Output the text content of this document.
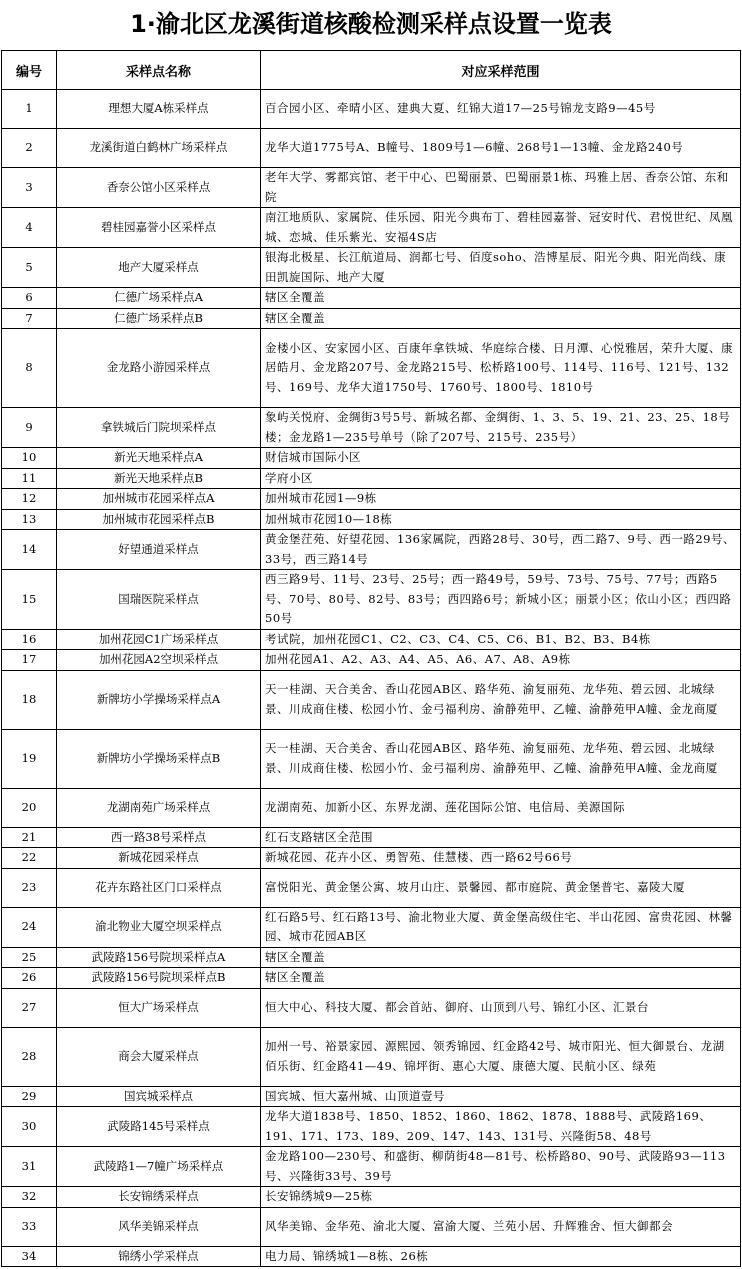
1·渝北区龙溪街道核酸检测采样点设置一览表
编号	采样点名称	对应采样范围
1	理想大厦A栋采样点	百合园小区、牵晴小区、建典大夏、红锦大道17—25号锦龙支路9—45号
2	龙溪街道白鹤林广场采样点	龙华大道1775号A、B幢号、1809号1—6幢、268号1—13幢、金龙路240号
3	香奈公馆小区采样点	老年大学、雾都宾馆、老干中心、巴蜀丽景、巴蜀丽景1栋、玛雅上居、香奈公馆、东和院
4	碧桂园嘉誉小区采样点	南江地质队、家属院、佳乐园、阳光今典布丁、碧桂园嘉誉、冠安时代、君悦世纪、凤凰城、恋城、佳乐紫光、安福4S店
5	地产大厦采样点	银海北极星、长江航道局、润都七号、佰度soho、浩博星辰、阳光今典、阳光尚线、康田凯旋国际、地产大厦
6	仁德广场采样点A	辖区全覆盖
7	仁德广场采样点B	辖区全覆盖
8	金龙路小游园采样点	金楼小区、安家园小区、百康年拿铁城、华庭综合楼、日月潭、心悦雅居，荣升大厦、康居皓月、金龙路207号、金龙路215号、松桥路100号、114号、116号、121号、132号、169号、龙华大道1750号、1760号、1800号、1810号
9	拿铁城后门院坝采样点	象屿关悦府、金绸街3号5号、新城名都、金绸街、1、3、5、19、21、23、25、18号楼；金龙路1—235号单号（除了207号、215号、235号）
10	新光天地采样点A	财信城市国际小区
11	新光天地采样点B	学府小区
12	加州城市花园采样点A	加州城市花园1—9栋
13	加州城市花园采样点B	加州城市花园10—18栋
14	好望通道采样点	黄金堡茳苑、好望花园、136家属院，西路28号、30号，西二路7、9号、西一路29号、33号，西三路14号
15	国瑞医院采样点	西三路9号、11号、23号、25号；西一路49号，59号、73号、75号、77号；西路5号、70号、80号、82号、83号；西四路6号；新城小区；丽景小区；依山小区；西四路50号
16	加州花园C1广场采样点	考试院，加州花园C1、C2、C3、C4、C5、C6、B1、B2、B3、B4栋
17	加州花园A2空坝采样点	加州花园A1、A2、A3、A4、A5、A6、A7、A8、A9栋
18	新牌坊小学操场采样点A	天一桂湖、天合美舍、香山花园AB区、路华苑、渝复丽苑、龙华苑、碧云园、北城绿景、川成商住楼、松园小竹、金弓福利房、渝静苑甲、乙幢、渝静苑甲A幢、金龙商厦
19	新牌坊小学操场采样点B	天一桂湖、天合美舍、香山花园AB区、路华苑、渝复丽苑、龙华苑、碧云园、北城绿景、川成商住楼、松园小竹、金弓福利房、渝静苑甲、乙幢、渝静苑甲A幢、金龙商厦
20	龙湖南苑广场采样点	龙湖南苑、加新小区、东界龙湖、莲花国际公馆、电信局、美源国际
21	西一路38号采样点	红石支路辖区全范围
22	新城花园采样点	新城花园、花卉小区、勇智苑、佳慧楼、西一路62号66号
23	花卉东路社区门口采样点	富悦阳光、黄金堡公寓、坡月山庄、景馨园、都市庭院、黄金堡普宅、嘉陵大厦
24	渝北物业大厦空坝采样点	红石路5号、红石路13号、渝北物业大厦、黄金堡高级住宅、半山花园、富贵花园、林馨园、城市花园AB区
25	武陵路156号院坝采样点A	辖区全覆盖
26	武陵路156号院坝采样点B	辖区全覆盖
27	恒大广场采样点	恒大中心、科技大厦、都会首站、御府、山顶到八号、锦红小区、汇景台
28	商会大厦采样点	加州一号、裕景家园、源熙园、领秀锦园、红金路42号、城市阳光、恒大御景台、龙湖佰乐街、红金路41—49、锦坪街、惠心大厦、康德大厦、民航小区、绿苑
29	国宾城采样点	国宾城、恒大嘉州城、山顶道壹号
30	武陵路145号采样点	龙华大道1838号、1850、1852、1860、1862、1878、1888号、武陵路169、191、171、173、189、209、147、143、131号、兴隆街58、48号
31	武陵路1—7幢广场采样点	金龙路100—230号、和盛街、柳荫街48—81号、松桥路80、90号、武陵路93—113号、兴隆街33号、39号
32	长安锦绣采样点	长安锦绣城9—25栋
33	风华美锦采样点	风华美锦、金华苑、渝北大厦、富渝大厦、兰苑小居、升辉雅舍、恒大御都会
34	锦绣小学采样点	电力局、锦绣城1—8栋、26栋
